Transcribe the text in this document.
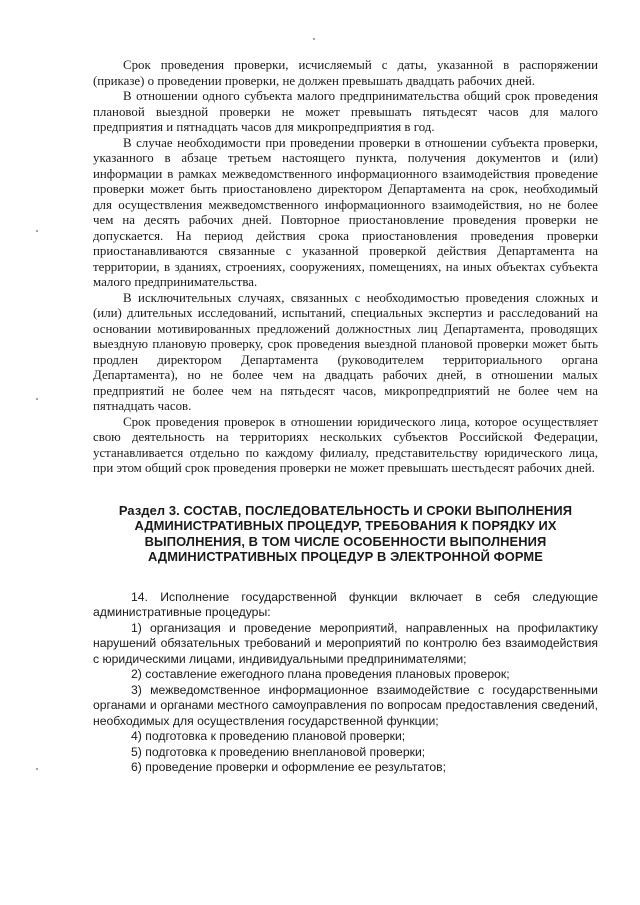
Срок проведения проверки, исчисляемый с даты, указанной в распоряжении (приказе) о проведении проверки, не должен превышать двадцать рабочих дней.

В отношении одного субъекта малого предпринимательства общий срок проведения плановой выездной проверки не может превышать пятьдесят часов для малого предприятия и пятнадцать часов для микропредприятия в год.

В случае необходимости при проведении проверки в отношении субъекта проверки, указанного в абзаце третьем настоящего пункта, получения документов и (или) информации в рамках межведомственного информационного взаимодействия проведение проверки может быть приостановлено директором Департамента на срок, необходимый для осуществления межведомственного информационного взаимодействия, но не более чем на десять рабочих дней. Повторное приостановление проведения проверки не допускается. На период действия срока приостановления проведения проверки приостанавливаются связанные с указанной проверкой действия Департамента на территории, в зданиях, строениях, сооружениях, помещениях, на иных объектах субъекта малого предпринимательства.

В исключительных случаях, связанных с необходимостью проведения сложных и (или) длительных исследований, испытаний, специальных экспертиз и расследований на основании мотивированных предложений должностных лиц Департамента, проводящих выездную плановую проверку, срок проведения выездной плановой проверки может быть продлен директором Департамента (руководителем территориального органа Департамента), но не более чем на двадцать рабочих дней, в отношении малых предприятий не более чем на пятьдесят часов, микропредприятий не более чем на пятнадцать часов.

Срок проведения проверок в отношении юридического лица, которое осуществляет свою деятельность на территориях нескольких субъектов Российской Федерации, устанавливается отдельно по каждому филиалу, представительству юридического лица, при этом общий срок проведения проверки не может превышать шестьдесят рабочих дней.

Раздел 3. СОСТАВ, ПОСЛЕДОВАТЕЛЬНОСТЬ И СРОКИ ВЫПОЛНЕНИЯ АДМИНИСТРАТИВНЫХ ПРОЦЕДУР, ТРЕБОВАНИЯ К ПОРЯДКУ ИХ ВЫПОЛНЕНИЯ, В ТОМ ЧИСЛЕ ОСОБЕННОСТИ ВЫПОЛНЕНИЯ АДМИНИСТРАТИВНЫХ ПРОЦЕДУР В ЭЛЕКТРОННОЙ ФОРМЕ

14. Исполнение государственной функции включает в себя следующие административные процедуры:

1) организация и проведение мероприятий, направленных на профилактику нарушений обязательных требований и мероприятий по контролю без взаимодействия с юридическими лицами, индивидуальными предпринимателями;

2) составление ежегодного плана проведения плановых проверок;

3) межведомственное информационное взаимодействие с государственными органами и органами местного самоуправления по вопросам предоставления сведений, необходимых для осуществления государственной функции;

4) подготовка к проведению плановой проверки;

5) подготовка к проведению внеплановой проверки;

6) проведение проверки и оформление ее результатов;
